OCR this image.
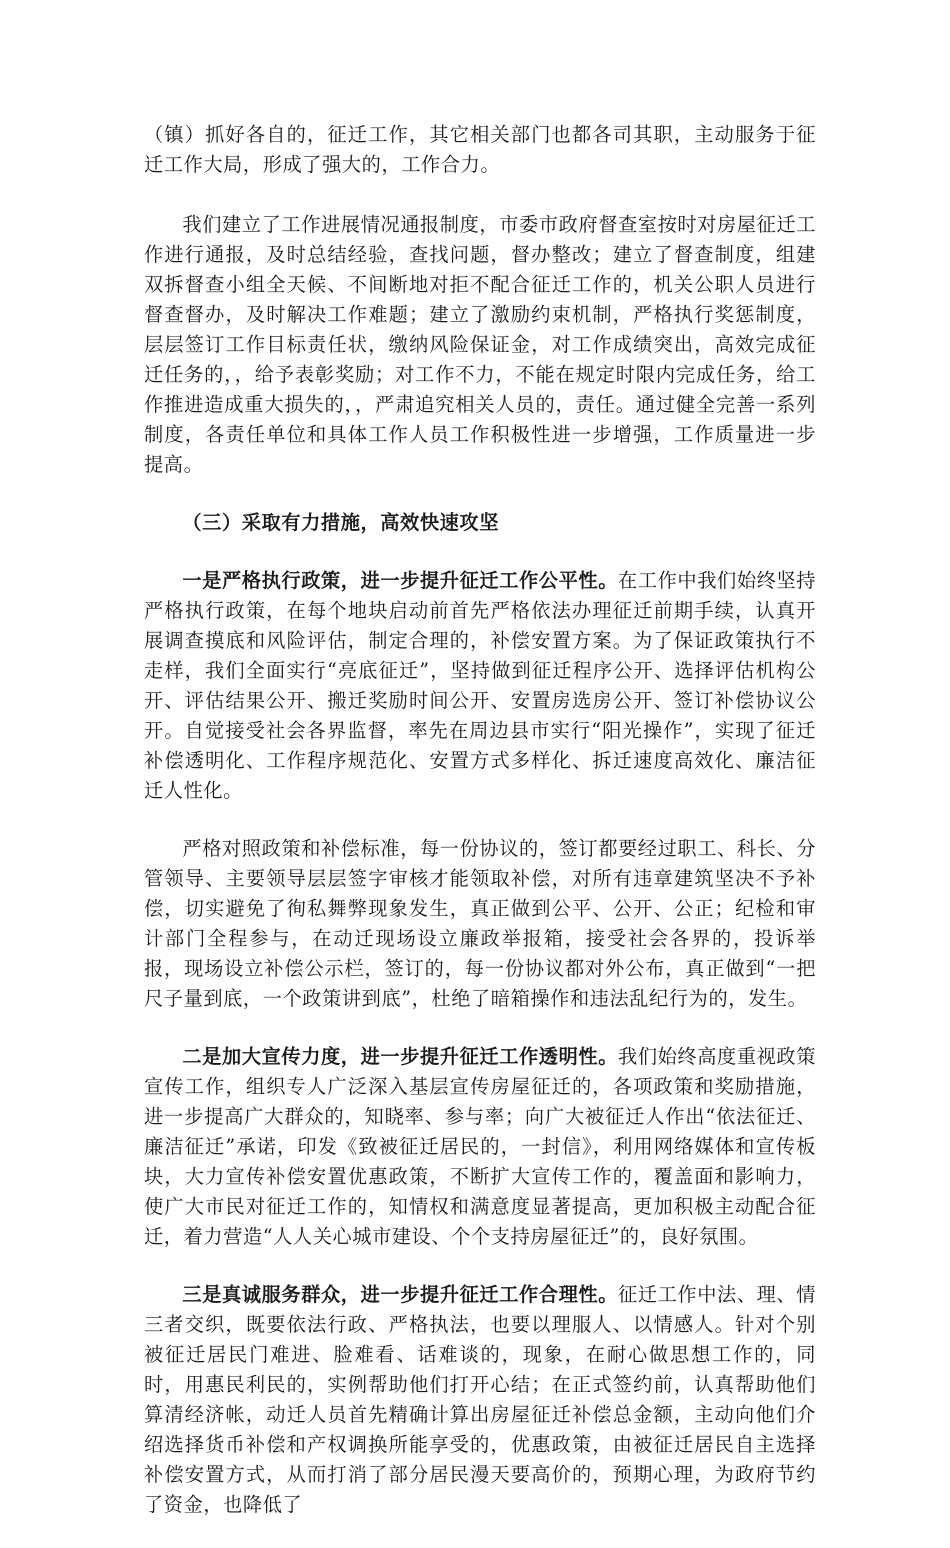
（镇）抓好各自的，征迁工作，其它相关部门也都各司其职，主动服务于征迁工作大局，形成了强大的，工作合力。

我们建立了工作进展情况通报制度，市委市政府督查室按时对房屋征迁工作进行通报，及时总结经验，查找问题，督办整改；建立了督查制度，组建双拆督查小组全天候、不间断地对拒不配合征迁工作的，机关公职人员进行督查督办，及时解决工作难题；建立了激励约束机制，严格执行奖惩制度，层层签订工作目标责任状，缴纳风险保证金，对工作成绩突出，高效完成征迁任务的，，给予表彰奖励；对工作不力，不能在规定时限内完成任务，给工作推进造成重大损失的，，严肃追究相关人员的，责任。通过健全完善一系列制度，各责任单位和具体工作人员工作积极性进一步增强，工作质量进一步提高。

（三）采取有力措施，高效快速攻坚

一是严格执行政策，进一步提升征迁工作公平性。在工作中我们始终坚持严格执行政策，在每个地块启动前首先严格依法办理征迁前期手续，认真开展调查摸底和风险评估，制定合理的，补偿安置方案。为了保证政策执行不走样，我们全面实行“亮底征迁”，坚持做到征迁程序公开、选择评估机构公开、评估结果公开、搬迁奖励时间公开、安置房选房公开、签订补偿协议公开。自觉接受社会各界监督，率先在周边县市实行“阳光操作”，实现了征迁补偿透明化、工作程序规范化、安置方式多样化、拆迁速度高效化、廉洁征迁人性化。

严格对照政策和补偿标准，每一份协议的，签订都要经过职工、科长、分管领导、主要领导层层签字审核才能领取补偿，对所有违章建筑坚决不予补偿，切实避免了徇私舞弊现象发生，真正做到公平、公开、公正；纪检和审计部门全程参与，在动迁现场设立廉政举报箱，接受社会各界的，投诉举报，现场设立补偿公示栏，签订的，每一份协议都对外公布，真正做到“一把尺子量到底，一个政策讲到底”，杜绝了暗箱操作和违法乱纪行为的，发生。

二是加大宣传力度，进一步提升征迁工作透明性。我们始终高度重视政策宣传工作，组织专人广泛深入基层宣传房屋征迁的，各项政策和奖励措施，进一步提高广大群众的，知晓率、参与率；向广大被征迁人作出“依法征迁、廉洁征迁”承诺，印发《致被征迁居民的，一封信》，利用网络媒体和宣传板块，大力宣传补偿安置优惠政策，不断扩大宣传工作的，覆盖面和影响力，使广大市民对征迁工作的，知情权和满意度显著提高，更加积极主动配合征迁，着力营造“人人关心城市建设、个个支持房屋征迁”的，良好氛围。

三是真诚服务群众，进一步提升征迁工作合理性。征迁工作中法、理、情三者交织，既要依法行政、严格执法，也要以理服人、以情感人。针对个别被征迁居民门难进、脸难看、话难谈的，现象，在耐心做思想工作的，同时，用惠民利民的，实例帮助他们打开心结；在正式签约前，认真帮助他们算清经济帐，动迁人员首先精确计算出房屋征迁补偿总金额，主动向他们介绍选择货币补偿和产权调换所能享受的，优惠政策，由被征迁居民自主选择补偿安置方式，从而打消了部分居民漫天要高价的，预期心理，为政府节约了资金，也降低了
